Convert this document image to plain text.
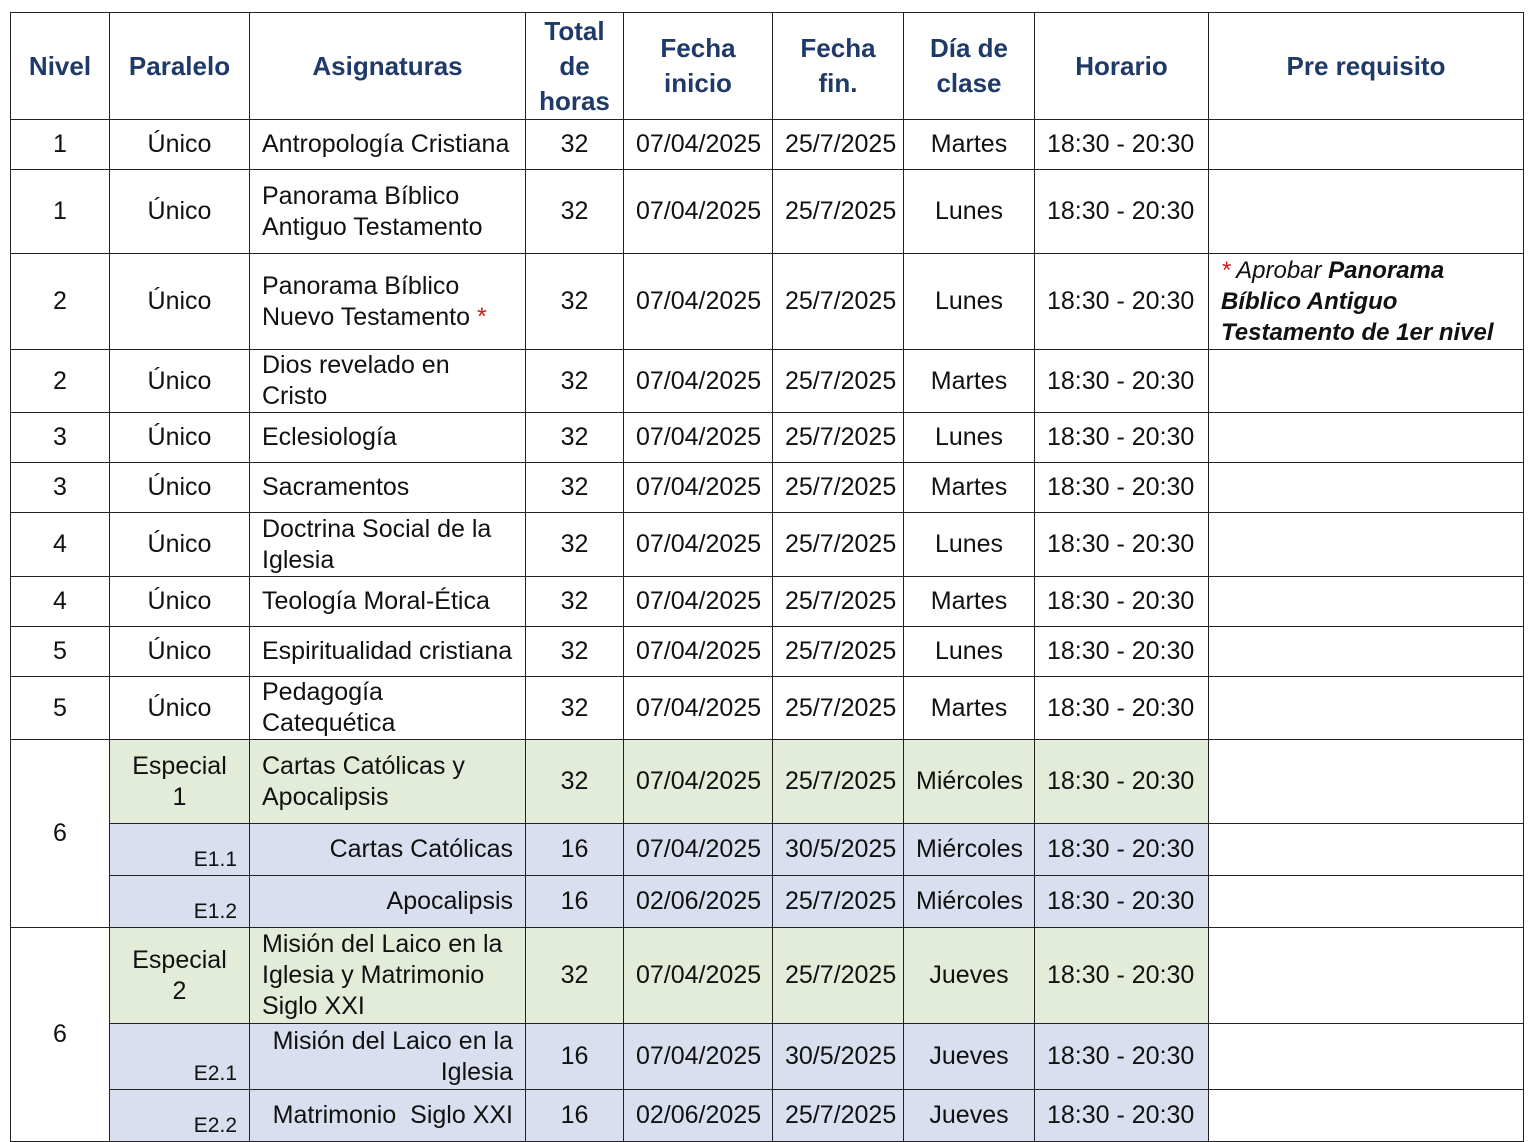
Nivel	Paralelo	Asignaturas	Total de horas	Fecha inicio	Fecha fin.	Día de clase	Horario	Pre requisito
1	Único	Antropología Cristiana	32	07/04/2025	25/7/2025	Martes	18:30 - 20:30	
1	Único	Panorama Bíblico Antiguo Testamento	32	07/04/2025	25/7/2025	Lunes	18:30 - 20:30	
2	Único	Panorama Bíblico Nuevo Testamento *	32	07/04/2025	25/7/2025	Lunes	18:30 - 20:30	* Aprobar Panorama Bíblico Antiguo Testamento de 1er nivel
2	Único	Dios revelado en Cristo	32	07/04/2025	25/7/2025	Martes	18:30 - 20:30	
3	Único	Eclesiología	32	07/04/2025	25/7/2025	Lunes	18:30 - 20:30	
3	Único	Sacramentos	32	07/04/2025	25/7/2025	Martes	18:30 - 20:30	
4	Único	Doctrina Social de la Iglesia	32	07/04/2025	25/7/2025	Lunes	18:30 - 20:30	
4	Único	Teología Moral-Ética	32	07/04/2025	25/7/2025	Martes	18:30 - 20:30	
5	Único	Espiritualidad cristiana	32	07/04/2025	25/7/2025	Lunes	18:30 - 20:30	
5	Único	Pedagogía Catequética	32	07/04/2025	25/7/2025	Martes	18:30 - 20:30	
6	Especial 1	Cartas Católicas y Apocalipsis	32	07/04/2025	25/7/2025	Miércoles	18:30 - 20:30	
	E1.1	Cartas Católicas	16	07/04/2025	30/5/2025	Miércoles	18:30 - 20:30	
	E1.2	Apocalipsis	16	02/06/2025	25/7/2025	Miércoles	18:30 - 20:30	
6	Especial 2	Misión del Laico en la Iglesia y Matrimonio Siglo XXI	32	07/04/2025	25/7/2025	Jueves	18:30 - 20:30	
	E2.1	Misión del Laico en la Iglesia	16	07/04/2025	30/5/2025	Jueves	18:30 - 20:30	
	E2.2	Matrimonio  Siglo XXI	16	02/06/2025	25/7/2025	Jueves	18:30 - 20:30	
